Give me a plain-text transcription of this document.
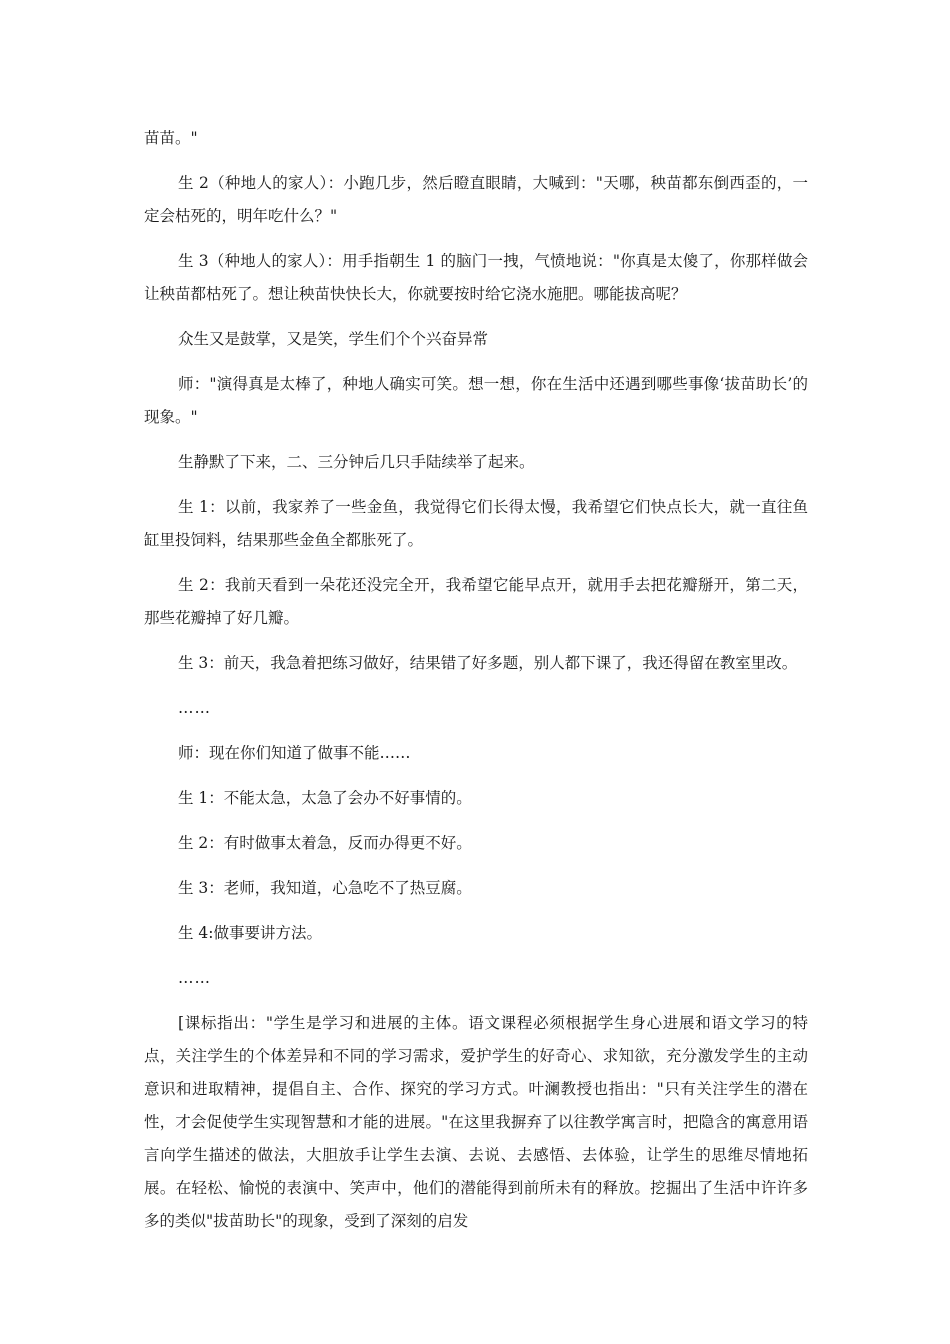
苗苗。"

生 2（种地人的家人）：小跑几步，然后瞪直眼睛，大喊到："天哪，秧苗都东倒西歪的，一定会枯死的，明年吃什么？"

生 3（种地人的家人）：用手指朝生 1 的脑门一拽，气愤地说："你真是太傻了，你那样做会让秧苗都枯死了。想让秧苗快快长大，你就要按时给它浇水施肥。哪能拔高呢？

众生又是鼓掌，又是笑，学生们个个兴奋异常

师："演得真是太棒了，种地人确实可笑。想一想，你在生活中还遇到哪些事像‘拔苗助长’的现象。"

生静默了下来，二、三分钟后几只手陆续举了起来。

生 1：以前，我家养了一些金鱼，我觉得它们长得太慢，我希望它们快点长大，就一直往鱼缸里投饲料，结果那些金鱼全都胀死了。

生 2：我前天看到一朵花还没完全开，我希望它能早点开，就用手去把花瓣掰开，第二天，那些花瓣掉了好几瓣。

生 3：前天，我急着把练习做好，结果错了好多题，别人都下课了，我还得留在教室里改。

……

师：现在你们知道了做事不能……

生 1：不能太急，太急了会办不好事情的。

生 2：有时做事太着急，反而办得更不好。

生 3：老师，我知道，心急吃不了热豆腐。

生 4:做事要讲方法。

……

[课标指出："学生是学习和进展的主体。语文课程必须根据学生身心进展和语文学习的特点，关注学生的个体差异和不同的学习需求，爱护学生的好奇心、求知欲，充分激发学生的主动意识和进取精神，提倡自主、合作、探究的学习方式。叶澜教授也指出："只有关注学生的潜在性，才会促使学生实现智慧和才能的进展。"在这里我摒弃了以往教学寓言时，把隐含的寓意用语言向学生描述的做法，大胆放手让学生去演、去说、去感悟、去体验，让学生的思维尽情地拓展。在轻松、愉悦的表演中、笑声中，他们的潜能得到前所未有的释放。挖掘出了生活中许许多多的类似"拔苗助长"的现象，受到了深刻的启发
